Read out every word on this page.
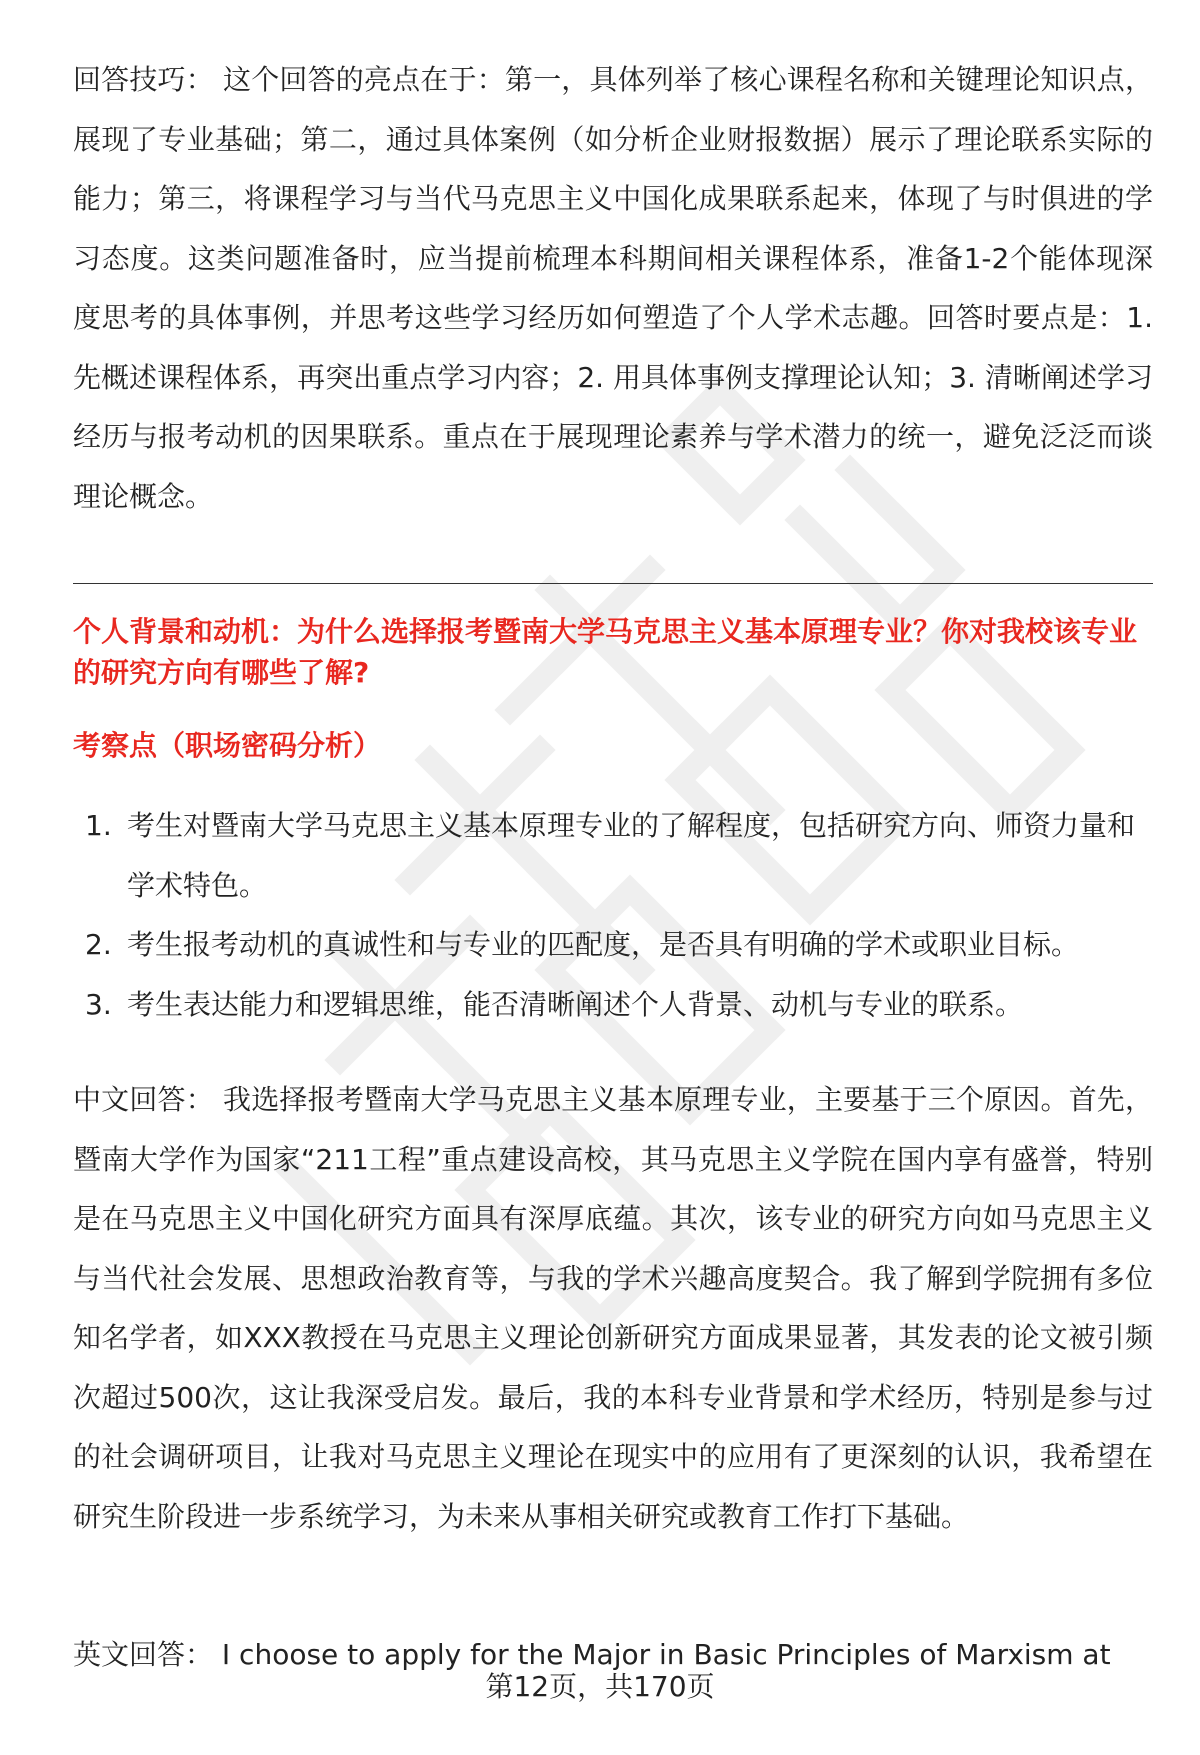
回答技巧： 这个回答的亮点在于：第一，具体列举了核心课程名称和关键理论知识点，展现了专业基础；第二，通过具体案例（如分析企业财报数据）展示了理论联系实际的能力；第三，将课程学习与当代马克思主义中国化成果联系起来，体现了与时俱进的学习态度。这类问题准备时，应当提前梳理本科期间相关课程体系，准备1-2个能体现深度思考的具体事例，并思考这些学习经历如何塑造了个人学术志趣。回答时要点是：1. 先概述课程体系，再突出重点学习内容；2. 用具体事例支撑理论认知；3. 清晰阐述学习经历与报考动机的因果联系。重点在于展现理论素养与学术潜力的统一，避免泛泛而谈理论概念。

个人背景和动机：为什么选择报考暨南大学马克思主义基本原理专业？你对我校该专业的研究方向有哪些了解?

考察点（职场密码分析）

1. 考生对暨南大学马克思主义基本原理专业的了解程度，包括研究方向、师资力量和学术特色。
2. 考生报考动机的真诚性和与专业的匹配度，是否具有明确的学术或职业目标。
3. 考生表达能力和逻辑思维，能否清晰阐述个人背景、动机与专业的联系。

中文回答： 我选择报考暨南大学马克思主义基本原理专业，主要基于三个原因。首先，暨南大学作为国家“211工程”重点建设高校，其马克思主义学院在国内享有盛誉，特别是在马克思主义中国化研究方面具有深厚底蕴。其次，该专业的研究方向如马克思主义与当代社会发展、思想政治教育等，与我的学术兴趣高度契合。我了解到学院拥有多位知名学者，如XXX教授在马克思主义理论创新研究方面成果显著，其发表的论文被引频次超过500次，这让我深受启发。最后，我的本科专业背景和学术经历，特别是参与过的社会调研项目，让我对马克思主义理论在现实中的应用有了更深刻的认识，我希望在研究生阶段进一步系统学习，为未来从事相关研究或教育工作打下基础。

英文回答： I choose to apply for the Major in Basic Principles of Marxism at

第12页，共170页
